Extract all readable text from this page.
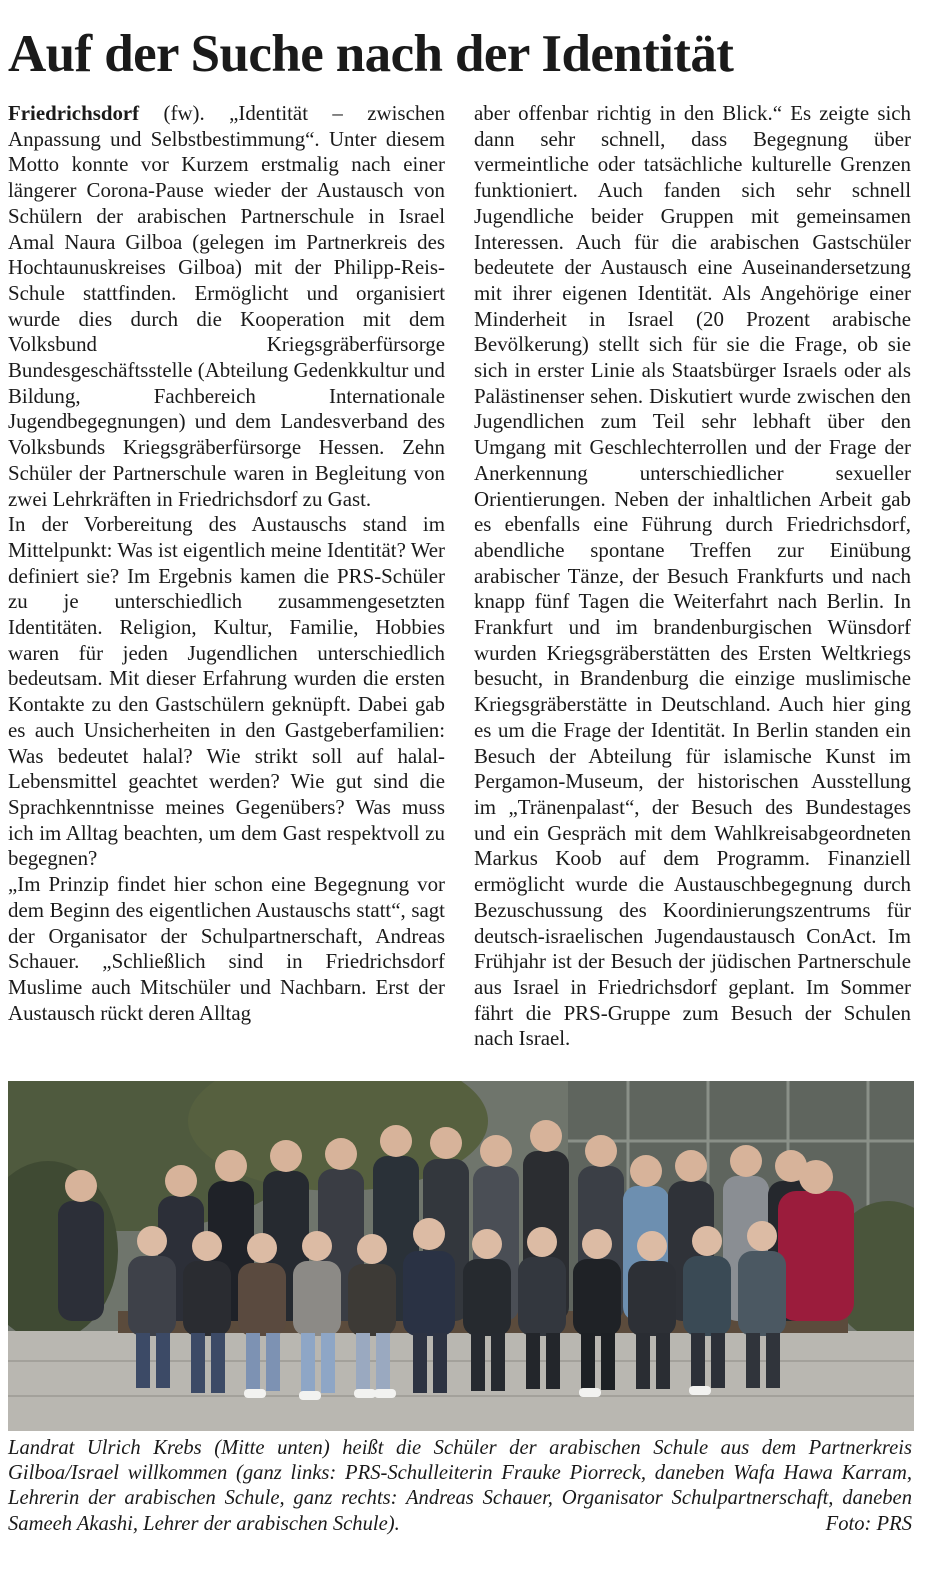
Auf der Suche nach der Identität

Friedrichsdorf (fw). „Identität – zwischen Anpassung und Selbstbestimmung“. Unter diesem Motto konnte vor Kurzem erstmalig nach einer längerer Corona-Pause wieder der Austausch von Schülern der arabischen Partnerschule in Israel Amal Naura Gilboa (gelegen im Partnerkreis des Hochtaunuskreises Gilboa) mit der Philipp-Reis-Schule stattfinden. Ermöglicht und organisiert wurde dies durch die Kooperation mit dem Volksbund Kriegsgräberfürsorge Bundesgeschäftsstelle (Abteilung Gedenkkultur und Bildung, Fachbereich Internationale Jugendbegegnungen) und dem Landesverband des Volksbunds Kriegsgräberfürsorge Hessen. Zehn Schüler der Partnerschule waren in Begleitung von zwei Lehrkräften in Friedrichsdorf zu Gast.

In der Vorbereitung des Austauschs stand im Mittelpunkt: Was ist eigentlich meine Identität? Wer definiert sie? Im Ergebnis kamen die PRS-Schüler zu je unterschiedlich zusammengesetzten Identitäten. Religion, Kultur, Familie, Hobbies waren für jeden Jugendlichen unterschiedlich bedeutsam. Mit dieser Erfahrung wurden die ersten Kontakte zu den Gastschülern geknüpft. Dabei gab es auch Unsicherheiten in den Gastgeberfamilien: Was bedeutet halal? Wie strikt soll auf halal-Lebensmittel geachtet werden? Wie gut sind die Sprachkenntnisse meines Gegenübers? Was muss ich im Alltag beachten, um dem Gast respektvoll zu begegnen?

„Im Prinzip findet hier schon eine Begegnung vor dem Beginn des eigentlichen Austauschs statt“, sagt der Organisator der Schulpartnerschaft, Andreas Schauer. „Schließlich sind in Friedrichsdorf Muslime auch Mitschüler und Nachbarn. Erst der Austausch rückt deren Alltag

aber offenbar richtig in den Blick.“ Es zeigte sich dann sehr schnell, dass Begegnung über vermeintliche oder tatsächliche kulturelle Grenzen funktioniert. Auch fanden sich sehr schnell Jugendliche beider Gruppen mit gemeinsamen Interessen. Auch für die arabischen Gastschüler bedeutete der Austausch eine Auseinandersetzung mit ihrer eigenen Identität. Als Angehörige einer Minderheit in Israel (20 Prozent arabische Bevölkerung) stellt sich für sie die Frage, ob sie sich in erster Linie als Staatsbürger Israels oder als Palästinenser sehen. Diskutiert wurde zwischen den Jugendlichen zum Teil sehr lebhaft über den Umgang mit Geschlechterrollen und der Frage der Anerkennung unterschiedlicher sexueller Orientierungen. Neben der inhaltlichen Arbeit gab es ebenfalls eine Führung durch Friedrichsdorf, abendliche spontane Treffen zur Einübung arabischer Tänze, der Besuch Frankfurts und nach knapp fünf Tagen die Weiterfahrt nach Berlin. In Frankfurt und im brandenburgischen Wünsdorf wurden Kriegsgräberstätten des Ersten Weltkriegs besucht, in Brandenburg die einzige muslimische Kriegsgräberstätte in Deutschland. Auch hier ging es um die Frage der Identität. In Berlin standen ein Besuch der Abteilung für islamische Kunst im Pergamon-Museum, der historischen Ausstellung im „Tränenpalast“, der Besuch des Bundestages und ein Gespräch mit dem Wahlkreisabgeordneten Markus Koob auf dem Programm. Finanziell ermöglicht wurde die Austauschbegegnung durch Bezuschussung des Koordinierungszentrums für deutsch-israelischen Jugendaustausch ConAct. Im Frühjahr ist der Besuch der jüdischen Partnerschule aus Israel in Friedrichsdorf geplant. Im Sommer fährt die PRS-Gruppe zum Besuch der Schulen nach Israel.

Landrat Ulrich Krebs (Mitte unten) heißt die Schüler der arabischen Schule aus dem Partnerkreis Gilboa/Israel willkommen (ganz links: PRS-Schulleiterin Frauke Piorreck, daneben Wafa Hawa Karram, Lehrerin der arabischen Schule, ganz rechts: Andreas Schauer, Organisator Schulpartnerschaft, daneben Sameeh Akashi, Lehrer der arabischen Schule).	Foto: PRS
